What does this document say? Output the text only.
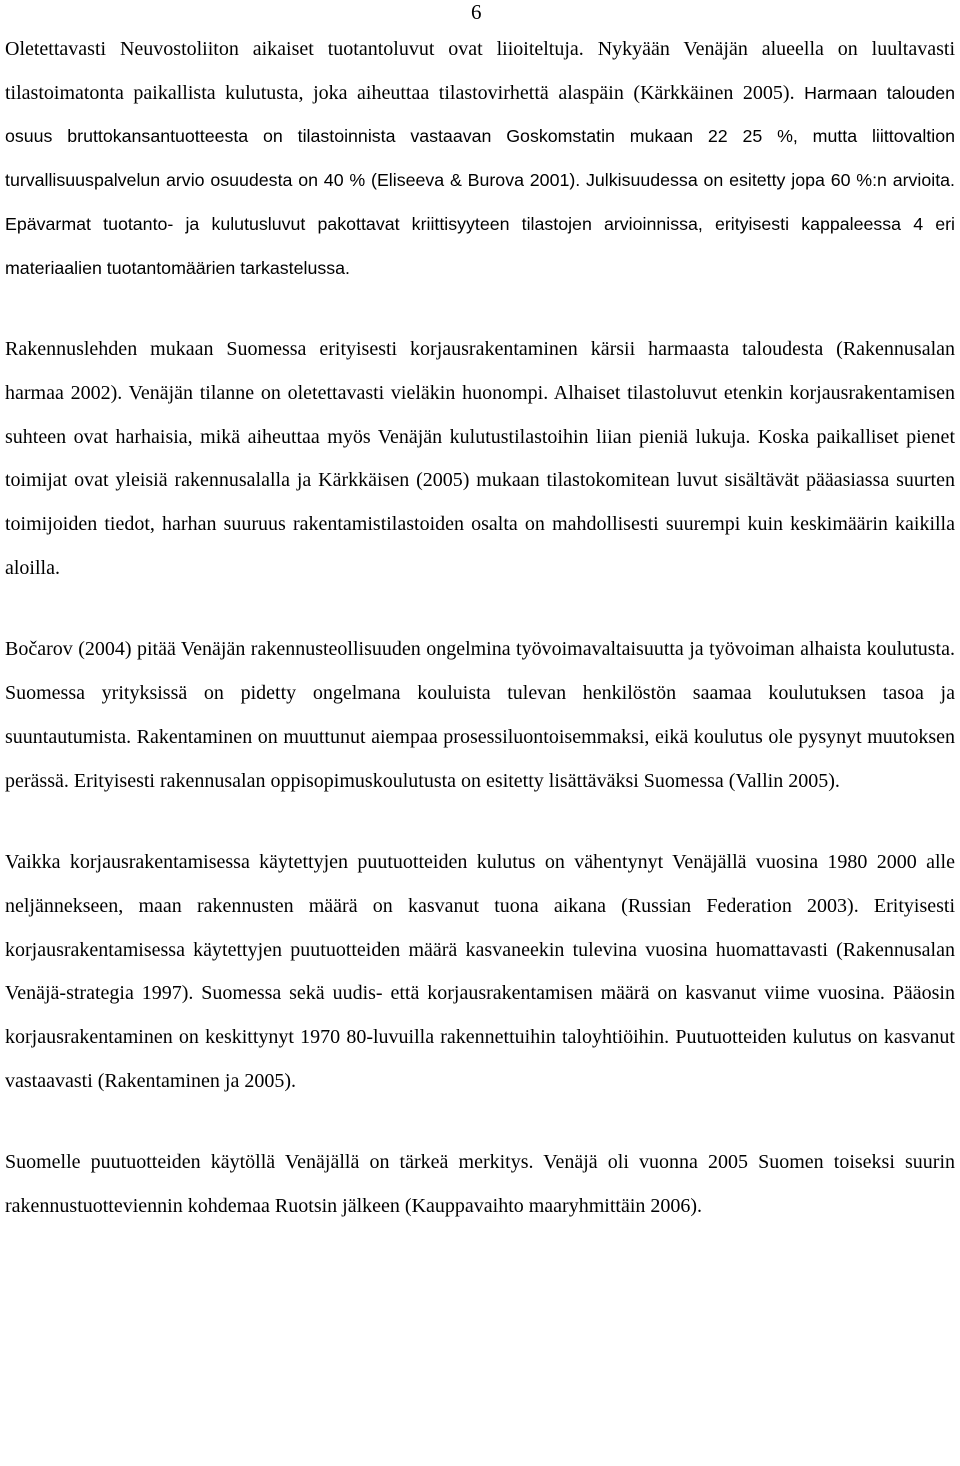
6

Oletettavasti Neuvostoliiton aikaiset tuotantoluvut ovat liioiteltuja. Nykyään Venäjän alueella on luultavasti tilastoimatonta paikallista kulutusta, joka aiheuttaa tilastovirhettä alaspäin (Kärkkäinen 2005). Harmaan talouden osuus bruttokansantuotteesta on tilastoinnista vastaavan Goskomstatin mukaan 22 25 %, mutta liittovaltion turvallisuuspalvelun arvio osuudesta on 40 % (Eliseeva & Burova 2001). Julkisuudessa on esitetty jopa 60 %:n arvioita. Epävarmat tuotanto- ja kulutusluvut pakottavat kriittisyyteen tilastojen arvioinnissa, erityisesti kappaleessa 4 eri materiaalien tuotantomäärien tarkastelussa.

Rakennuslehden mukaan Suomessa erityisesti korjausrakentaminen kärsii harmaasta taloudesta (Rakennusalan harmaa 2002). Venäjän tilanne on oletettavasti vieläkin huonompi. Alhaiset tilastoluvut etenkin korjausrakentamisen suhteen ovat harhaisia, mikä aiheuttaa myös Venäjän kulutustilastoihin liian pieniä lukuja. Koska paikalliset pienet toimijat ovat yleisiä rakennusalalla ja Kärkkäisen (2005) mukaan tilastokomitean luvut sisältävät pääasiassa suurten toimijoiden tiedot, harhan suuruus rakentamistilastoiden osalta on mahdollisesti suurempi kuin keskimäärin kaikilla aloilla.

Bočarov (2004) pitää Venäjän rakennusteollisuuden ongelmina työvoimavaltaisuutta ja työvoiman alhaista koulutusta. Suomessa yrityksissä on pidetty ongelmana kouluista tulevan henkilöstön saamaa koulutuksen tasoa ja suuntautumista. Rakentaminen on muuttunut aiempaa prosessiluontoisemmaksi, eikä koulutus ole pysynyt muutoksen perässä. Erityisesti rakennusalan oppisopimuskoulutusta on esitetty lisättäväksi Suomessa (Vallin 2005).

Vaikka korjausrakentamisessa käytettyjen puutuotteiden kulutus on vähentynyt Venäjällä vuosina 1980 2000 alle neljännekseen, maan rakennusten määrä on kasvanut tuona aikana (Russian Federation 2003). Erityisesti korjausrakentamisessa käytettyjen puutuotteiden määrä kasvaneekin tulevina vuosina huomattavasti (Rakennusalan Venäjä-strategia 1997). Suomessa sekä uudis- että korjausrakentamisen määrä on kasvanut viime vuosina. Pääosin korjausrakentaminen on keskittynyt 1970 80-luvuilla rakennettuihin taloyhtiöihin. Puutuotteiden kulutus on kasvanut vastaavasti (Rakentaminen ja 2005).

Suomelle puutuotteiden käytöllä Venäjällä on tärkeä merkitys. Venäjä oli vuonna 2005 Suomen toiseksi suurin rakennustuotteviennin kohdemaa Ruotsin jälkeen (Kauppavaihto maaryhmittäin 2006).
